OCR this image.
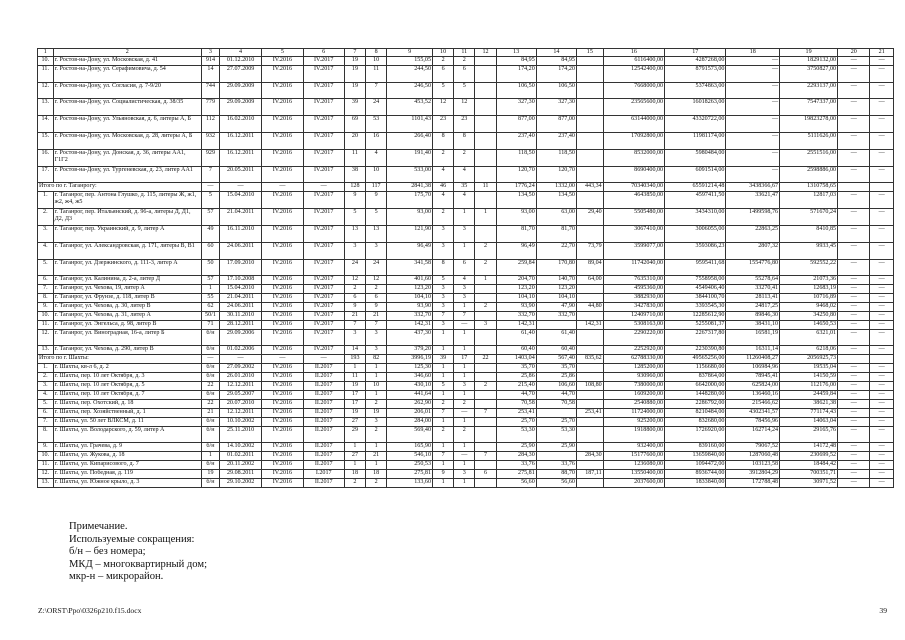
1	2	3	4	5	6	7	8	9	10	11	12	13	14	15	16	17	18	19	20	21
10.	г. Ростов-на-Дону, ул. Московская, д. 41	914	01.12.2010	IV.2016	IV.2017	19	10	155,05	2	2		84,95	84,95		6116400,00	4287268,00	—	1829132,00	—	—
11.	г. Ростов-на-Дону, ул. Серафимовича, д. 54	14	27.07.2009	IV.2016	IV.2017	19	11	244,50	6	6		174,20	174,20		12542400,00	8791573,00	—	3750827,00	—	—
12.	г. Ростов-на-Дону, ул. Согласия, д. 7-9/20	744	29.09.2009	IV.2016	IV.2017	19	7	246,50	5	5		106,50	106,50		7668000,00	5374863,00	—	2293137,00	—	—
13.	г. Ростов-на-Дону, ул. Социалистическая, д. 38/35	779	29.09.2009	IV.2016	IV.2017	39	24	453,52	12	12		327,30	327,30		23565600,00	16018263,00	—	7547337,00	—	—
14.	г. Ростов-на-Дону, ул. Ульяновская, д. 6, литеры А, Б	112	16.02.2010	IV.2016	IV.2017	69	53	1101,43	23	23		877,00	877,00		63144000,00	43320722,00	—	19823278,00	—	—
15.	г. Ростов-на-Дону, ул. Московская, д. 28, литеры А, Б	932	16.12.2011	IV.2016	IV.2017	20	16	266,40	8	8		237,40	237,40		17092800,00	11981174,00	—	5111626,00	—	—
16.	г. Ростов-на-Дону, ул. Донская, д. 36, литеры АА1, Г1Г2	929	16.12.2011	IV.2016	IV.2017	11	4	191,40	2	2		118,50	118,50		8532000,00	5980484,00	—	2551516,00	—	—
17.	г. Ростов-на-Дону, ул. Тургеневская, д. 23, литер АА1	7	20.05.2011	IV.2016	IV.2017	38	10	533,00	4	4		120,70	120,70		8690400,00	6091514,00	—	2598886,00	—	—
Итого по г. Таганрогу:		—	—	—	—	128	117	2841,38	46	35	11	1776,24	1332,00	443,34	70340340,00	65591214,48	3438366,67	1310758,65		
1.	г. Таганрог, пер. Антона Глушко, д. 115, литеры Ж, ж1, ж2, ж4, ж5	5	15.04.2010	IV.2016	IV.2017	9	9	175,70	4	4		134,50	134,50		4643850,00	4597411,50	33621,47	12817,03	—	—
2.	г. Таганрог, пер. Итальянский, д. 96-а, литеры Д, Д1, Д2, Д3	57	21.04.2011	IV.2016	IV.2017	5	5	93,00	2	1	1	93,00	63,00	29,40	5505480,00	3434310,00	1499598,76	571670,24	—	—
3.	г. Таганрог, пер. Украинский, д. 9, литер А	49	16.11.2010	IV.2016	IV.2017	13	13	121,90	3	3		81,70	81,70		3067410,00	3006055,00	22863,25	8410,85	—	—
4.	г. Таганрог, ул. Александровская, д. 171, литеры В, В1	60	24.06.2011	IV.2016	IV.2017	3	3	96,49	3	1	2	96,49	22,70	73,79	3599077,00	3593086,23	2807,32	9933,45	—	—
5.	г. Таганрог, ул. Дзержинского, д. 111-3, литер А	50	17.09.2010	IV.2016	IV.2017	24	24	341,58	8	6	2	259,84	170,80	89,04	11742040,00	9595411,68	1554776,80	592552,22	—	—
6.	г. Таганрог, ул. Калинина, д. 2-а, литер Д	57	17.10.2008	IV.2016	IV.2017	12	12	401,60	5	4	1	204,70	140,70	64,00	7635310,00	7558958,00	55278,64	21073,36	—	—
7.	г. Таганрог, ул. Чехова, 19, литер А	1	15.04.2010	IV.2016	IV.2017	2	2	123,20	3	3		123,20	123,20		4595360,00	4549406,40	33270,41	12683,19	—	—
8.	г. Таганрог, ул. Фрунзе, д. 118, литер В	55	21.04.2011	IV.2016	IV.2017	6	6	104,10	3	3		104,10	104,10		3882930,00	3844100,70	28113,41	10716,89	—	—
9.	г. Таганрог, ул. Чехова, д. 30, литер В	62	24.06.2011	IV.2016	IV.2017	9	9	93,90	3	1	2	93,90	47,90	44,80	3427830,00	3393545,30	24817,25	9468,02	—	—
10.	г. Таганрог, ул. Чехова, д. 31, литер А	50/1	30.11.2010	IV.2016	IV.2017	21	21	332,70	7	7		332,70	332,70		12409710,00	12285612,90	89846,30	34250,80	—	—
11.	г. Таганрог, ул. Энгельса, д. 98, литер В	71	28.12.2011	IV.2016	IV.2017	7	7	142,31	3	—	3	142,31		142,31	5308163,00	5255081,37	38431,10	14650,53	—	—
12.	г. Таганрог, ул. Виноградная, 16-а, литер Б	б/н	29.09.2006	IV.2016	IV.2017	3	3	437,30	1	1		61,40	61,40		2290220,00	2267317,80	16581,19	6321,01	—	—
13.	г. Таганрог, ул. Чехова, д. 290, литер В	б/н	01.02.2006	IV.2016	IV.2017	14	3	379,20	1	1		60,40	60,40		2252920,00	2230390,80	16311,14	6218,06	—	—
Итого по г. Шахты:		—	—	—	—	193	82	3996,19	39	17	22	1403,04	567,40	835,62	62788330,00	49565256,00	11260408,27	2056925,73		
1.	г. Шахты, кв-л 6, д. 2	б/н	27.09.2002	IV.2016	II.2017	1	1	125,30	1	1		35,70	35,70		1285200,00	1156680,00	106984,96	19535,04	—	—
2.	г. Шахты, пер. 10 лет Октября, д. 3	б/н	26.01.2010	IV.2016	II.2017	11	1	346,60	1	1		25,86	25,86		930960,00	837864,00	78945,41	14150,59	—	—
3.	г. Шахты, пер. 10 лет Октября, д. 5	22	12.12.2011	IV.2016	II.2017	19	10	430,10	5	3	2	215,40	106,60	108,80	7380000,00	6642000,00	625824,00	112176,00	—	—
4.	г. Шахты, пер. 10 лет Октября, д. 7	б/н	29.05.2007	IV.2016	II.2017	17	1	441,64	1	1		44,70	44,70		1609200,00	1448280,00	136460,16	24459,84	—	—
5.	г. Шахты, пер. Охотский, д. 18	22	20.07.2010	IV.2016	II.2017	17	2	262,90	2	2		70,58	70,58		2540880,00	2286792,00	215466,62	38621,38	—	—
6.	г. Шахты, пер. Хозяйственный, д. 1	21	12.12.2011	IV.2016	II.2017	19	19	206,01	7	—	7	253,41		253,41	11724000,00	8210484,00	4302341,57	771174,43	—	—
7.	г. Шахты, ул. 50 лет ВЛКСМ, д. 11	б/н	10.10.2002	IV.2016	II.2017	27	3	284,00	1	1		25,70	25,70		925200,00	832680,00	78456,96	14063,04	—	—
8.	г. Шахты, ул. Володарского, д. 59, литер А	б/н	25.11.2010	IV.2016	II.2017	29	2	569,40	2	2		53,30	53,30		1918800,00	1726920,00	162714,24	29165,76	—	—
9.	г. Шахты, ул. Грачева, д. 9	б/н	14.10.2002	IV.2016	II.2017	1	1	165,90	1	1		25,90	25,90		932400,00	839160,00	79067,52	14172,48	—	—
10.	г. Шахты, ул. Жукова, д. 18	1	01.02.2011	IV.2016	II.2017	27	21	546,10	7	—	7	284,30		284,30	15177600,00	13659840,00	1287060,48	230699,52	—	—
11.	г. Шахты, ул. Кипарисового, д. 7	б/н	20.11.2002	IV.2016	II.2017	1	1	250,53	1	1		33,76	33,76		1236080,00	1094472,00	103123,58	18484,42	—	—
12.	г. Шахты, ул. Победная, д. 119	19	29.08.2011	IV.2016	I.2017	18	18	275,81	9	3	6	275,81	88,70	187,11	13550400,00	8936744,00	3912804,29	700351,71	—	—
13.	г. Шахты, ул. Южное крыло, д. 3	б/н	29.10.2002	IV.2016	II.2017	2	2	133,60	1	1		56,60	56,60		2037600,00	1833840,00	172788,48	30971,52	—	—
Примечание.
Используемые сокращения:
б/н – без номера;
МКД – многоквартирный дом;
мкр-н – микрорайон.
Z:\ORST\Ppo\0326p210.f15.docx	39
